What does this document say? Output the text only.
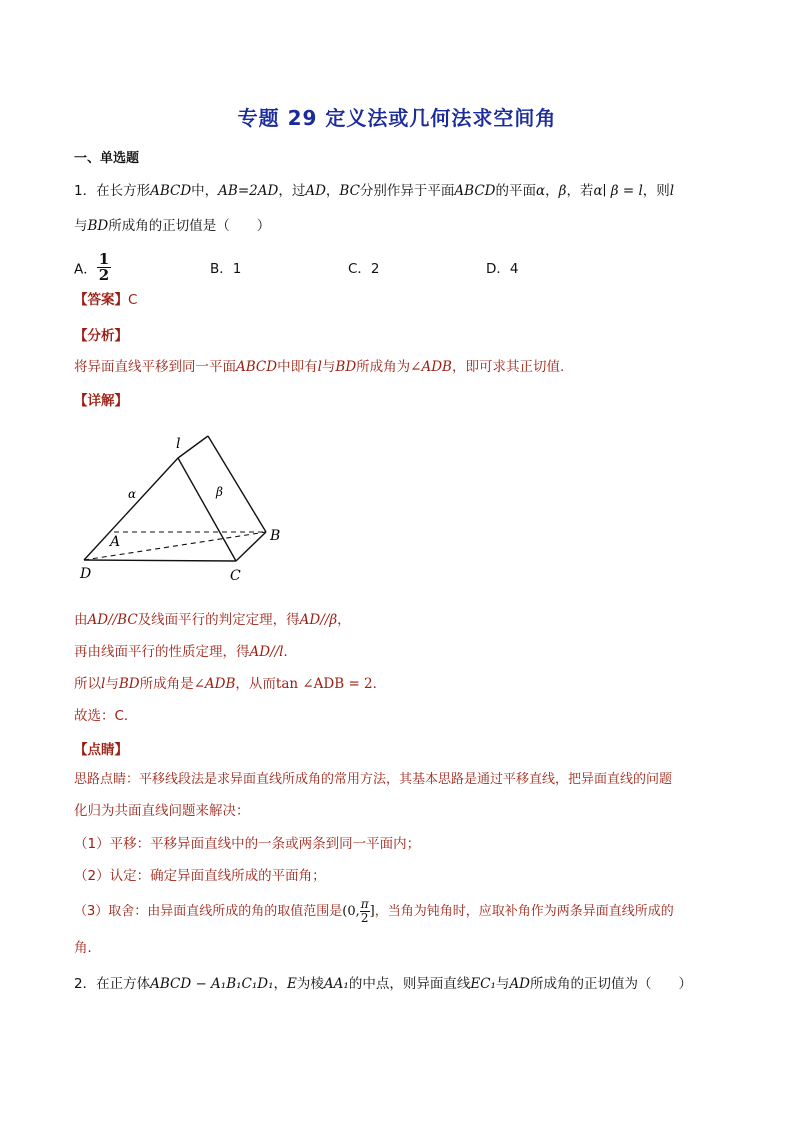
专题 29 定义法或几何法求空间角
一、单选题
1．在长方形ABCD中，AB=2AD，过AD，BC分别作异于平面ABCD的平面α，β，若α∣ β = l，则l
与BD所成角的正切值是（　　）
A． $\frac{1}{2}$	B．1	C．2	D．4
【答案】C
【分析】
将异面直线平移到同一平面ABCD中即有l与BD所成角为∠ADB，即可求其正切值.
【详解】
l
α	β
A	B
C
D
由AD//BC及线面平行的判定定理，得AD//β，
再由线面平行的性质定理，得AD//l．
所以l与BD所成角是∠ADB，从而tan ∠ADB = 2．
故选：C．
【点睛】
思路点睛：平移线段法是求异面直线所成角的常用方法，其基本思路是通过平移直线，把异面直线的问题
化归为共面直线问题来解决：
（1）平移：平移异面直线中的一条或两条到同一平面内；
（2）认定：确定异面直线所成的平面角；
（3）取舍：由异面直线所成的角的取值范围是(0, $\frac{\pi}{2}$ ]，当角为钝角时，应取补角作为两条异面直线所成的
角．
2．在正方体ABCD − A₁B₁C₁D₁，E为棱AA₁的中点，则异面直线EC₁与AD所成角的正切值为（　　）
